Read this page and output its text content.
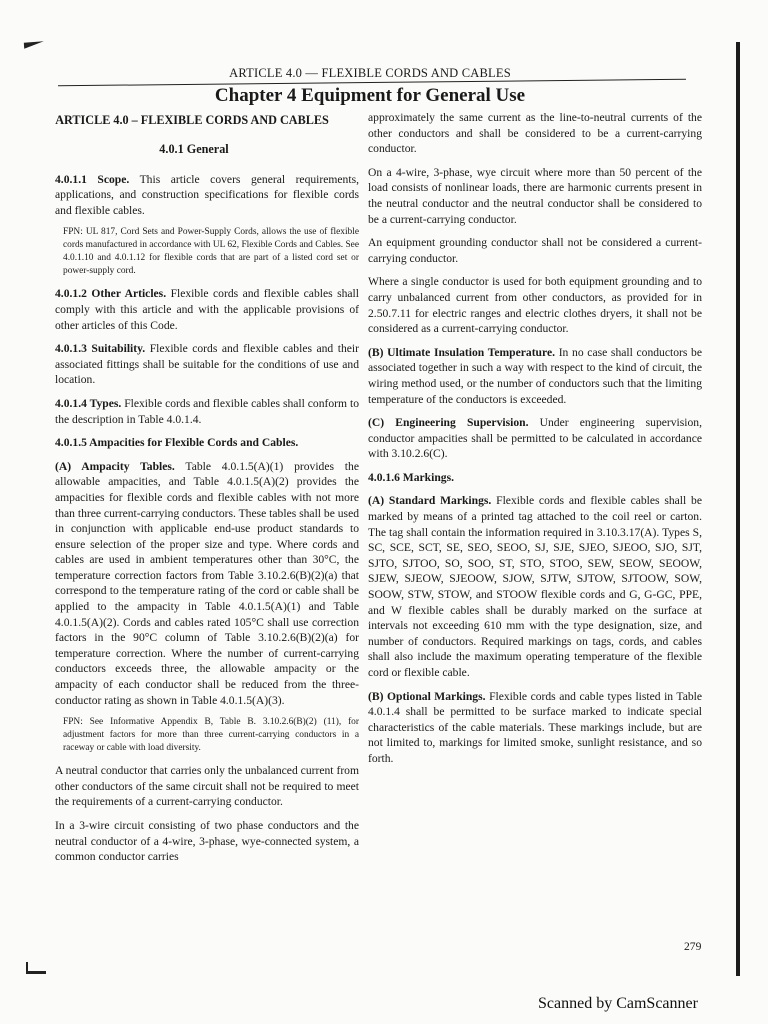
ARTICLE 4.0 — FLEXIBLE CORDS AND CABLES
Chapter 4 Equipment for General Use
ARTICLE 4.0 – FLEXIBLE CORDS AND CABLES
4.0.1 General

4.0.1.1 Scope. This article covers general requirements, applications, and construction specifications for flexible cords and flexible cables.

FPN: UL 817, Cord Sets and Power-Supply Cords, allows the use of flexible cords manufactured in accordance with UL 62, Flexible Cords and Cables. See 4.0.1.10 and 4.0.1.12 for flexible cords that are part of a listed cord set or power-supply cord.

4.0.1.2 Other Articles. Flexible cords and flexible cables shall comply with this article and with the applicable provisions of other articles of this Code.

4.0.1.3 Suitability. Flexible cords and flexible cables and their associated fittings shall be suitable for the conditions of use and location.

4.0.1.4 Types. Flexible cords and flexible cables shall conform to the description in Table 4.0.1.4.

4.0.1.5 Ampacities for Flexible Cords and Cables.

(A) Ampacity Tables. Table 4.0.1.5(A)(1) provides the allowable ampacities, and Table 4.0.1.5(A)(2) provides the ampacities for flexible cords and flexible cables with not more than three current-carrying conductors. These tables shall be used in conjunction with applicable end-use product standards to ensure selection of the proper size and type. Where cords and cables are used in ambient temperatures other than 30°C, the temperature correction factors from Table 3.10.2.6(B)(2)(a) that correspond to the temperature rating of the cord or cable shall be applied to the ampacity in Table 4.0.1.5(A)(1) and Table 4.0.1.5(A)(2). Cords and cables rated 105°C shall use correction factors in the 90°C column of Table 3.10.2.6(B)(2)(a) for temperature correction. Where the number of current-carrying conductors exceeds three, the allowable ampacity or the ampacity of each conductor shall be reduced from the three-conductor rating as shown in Table 4.0.1.5(A)(3).

FPN: See Informative Appendix B, Table B. 3.10.2.6(B)(2) (11), for adjustment factors for more than three current-carrying conductors in a raceway or cable with load diversity.

A neutral conductor that carries only the unbalanced current from other conductors of the same circuit shall not be required to meet the requirements of a current-carrying conductor.

In a 3-wire circuit consisting of two phase conductors and the neutral conductor of a 4-wire, 3-phase, wye-connected system, a common conductor carries

approximately the same current as the line-to-neutral currents of the other conductors and shall be considered to be a current-carrying conductor.

On a 4-wire, 3-phase, wye circuit where more than 50 percent of the load consists of nonlinear loads, there are harmonic currents present in the neutral conductor and the neutral conductor shall be considered to be a current-carrying conductor.

An equipment grounding conductor shall not be considered a current-carrying conductor.

Where a single conductor is used for both equipment grounding and to carry unbalanced current from other conductors, as provided for in 2.50.7.11 for electric ranges and electric clothes dryers, it shall not be considered as a current-carrying conductor.

(B) Ultimate Insulation Temperature. In no case shall conductors be associated together in such a way with respect to the kind of circuit, the wiring method used, or the number of conductors such that the limiting temperature of the conductors is exceeded.

(C) Engineering Supervision. Under engineering supervision, conductor ampacities shall be permitted to be calculated in accordance with 3.10.2.6(C).

4.0.1.6 Markings.

(A) Standard Markings. Flexible cords and flexible cables shall be marked by means of a printed tag attached to the coil reel or carton. The tag shall contain the information required in 3.10.3.17(A). Types S, SC, SCE, SCT, SE, SEO, SEOO, SJ, SJE, SJEO, SJEOO, SJO, SJT, SJTO, SJTOO, SO, SOO, ST, STO, STOO, SEW, SEOW, SEOOW, SJEW, SJEOW, SJEOOW, SJOW, SJTW, SJTOW, SJTOOW, SOW, SOOW, STW, STOW, and STOOW flexible cords and G, G-GC, PPE, and W flexible cables shall be durably marked on the surface at intervals not exceeding 610 mm with the type designation, size, and number of conductors. Required markings on tags, cords, and cables shall also include the maximum operating temperature of the flexible cord or flexible cable.

(B) Optional Markings. Flexible cords and cable types listed in Table 4.0.1.4 shall be permitted to be surface marked to indicate special characteristics of the cable materials. These markings include, but are not limited to, markings for limited smoke, sunlight resistance, and so forth.

279
Scanned by CamScanner
